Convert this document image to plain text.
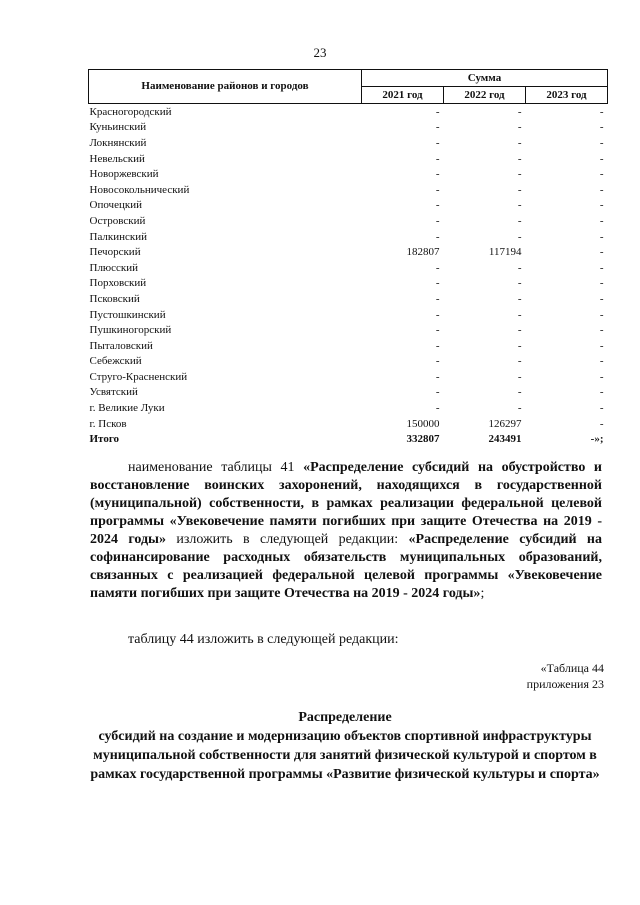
23
Наименование районов и городов	Сумма		
	2021 год	2022 год	2023 год
Красногородский	-	-	-
Куньинский	-	-	-
Локнянский	-	-	-
Невельский	-	-	-
Новоржевский	-	-	-
Новосокольнический	-	-	-
Опочецкий	-	-	-
Островский	-	-	-
Палкинский	-	-	-
Печорский	182807	117194	-
Плюсский	-	-	-
Порховский	-	-	-
Псковский	-	-	-
Пустошкинский	-	-	-
Пушкиногорский	-	-	-
Пыталовский	-	-	-
Себежский	-	-	-
Струго-Красненский	-	-	-
Усвятский	-	-	-
г. Великие Луки	-	-	-
г. Псков	150000	126297	-
Итого	332807	243491	-»;
наименование таблицы 41 «Распределение субсидий на обустройство и восстановление воинских захоронений, находящихся в государственной (муниципальной) собственности, в рамках реализации федеральной целевой программы «Увековечение памяти погибших при защите Отечества на 2019 - 2024 годы» изложить в следующей редакции: «Распределение субсидий на софинансирование расходных обязательств муниципальных образований, связанных с реализацией федеральной целевой программы «Увековечение памяти погибших при защите Отечества на 2019 - 2024 годы»;
таблицу 44 изложить в следующей редакции:
«Таблица 44
приложения 23
Распределение
субсидий на создание и модернизацию объектов спортивной инфраструктуры муниципальной собственности для занятий физической культурой и спортом в рамках государственной программы «Развитие физической культуры и спорта»
